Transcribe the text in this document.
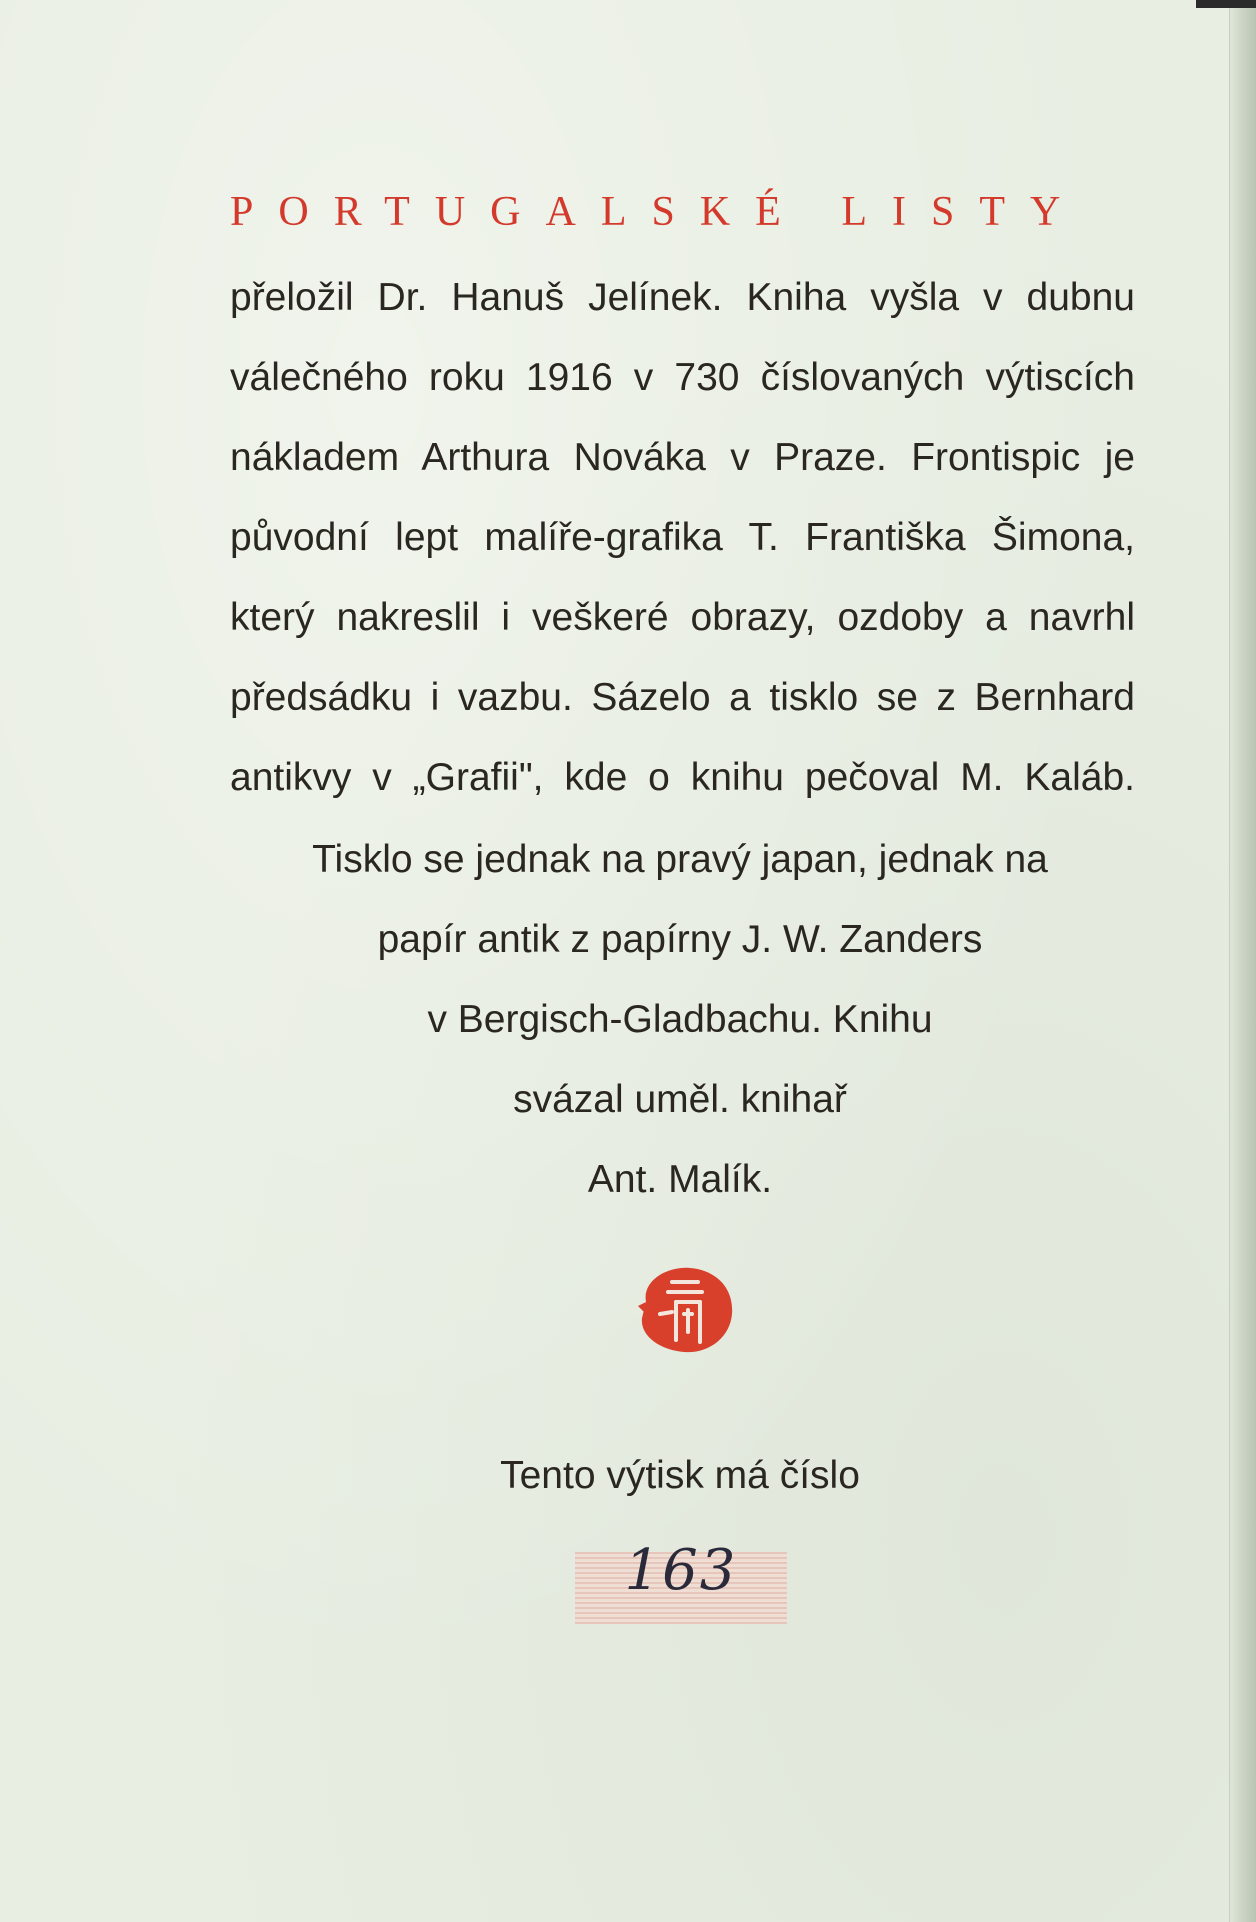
PORTUGALSKÉ LISTY
přeložil Dr. Hanuš Jelínek. Kniha vyšla v dubnu
válečného roku 1916 v 730 číslovaných výtiscích
nákladem Arthura Nováka v Praze. Frontispic je
původní lept malíře-grafika T. Františka Šimona,
který nakreslil i veškeré obrazy, ozdoby a navrhl
předsádku i vazbu. Sázelo a tisklo se z Bernhard
antikvy v „Grafii", kde o knihu pečoval M. Kaláb.
Tisklo se jednak na pravý japan, jednak na
papír antik z papírny J. W. Zanders
v Bergisch-Gladbachu. Knihu
svázal uměl. knihař
Ant. Malík.
Tento výtisk má číslo
163
